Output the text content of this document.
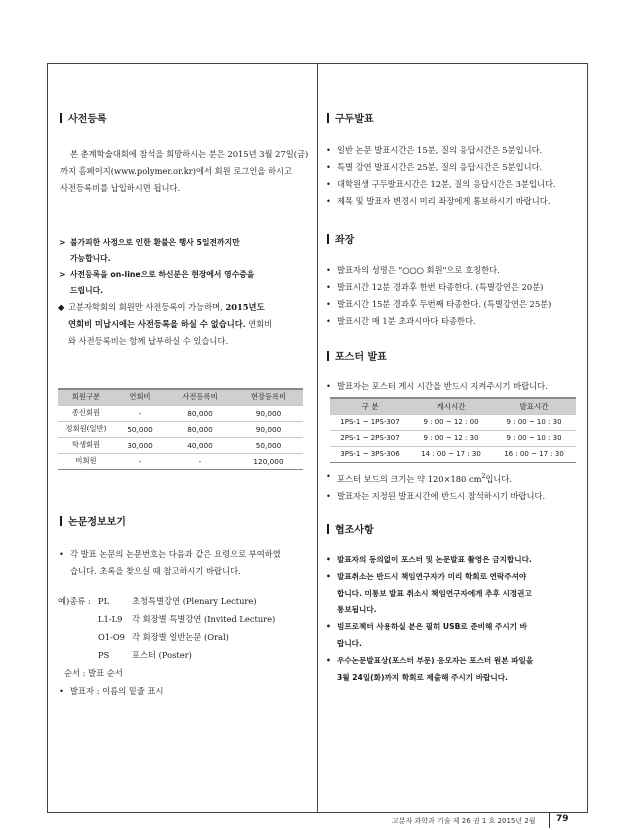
사전등록
본 춘계학술대회에 참석을 희망하시는 분은 2015년 3월 27일(금)
까지 홈페이지(www.polymer.or.kr)에서 회원 로그인을 하시고
사전등록비를 납입하시면 됩니다.
> 불가피한 사정으로 인한 환불은 행사 5일전까지만
가능합니다.
> 사전등록을 on-line으로 하신분은 현장에서 영수증을
드립니다.
◆ 고분자학회의 회원만 사전등록이 가능하며, 2015년도
연회비 미납시에는 사전등록을 하실 수 없습니다. 연회비
와 사전등록비는 함께 납부하실 수 있습니다.
회원구분	연회비	사전등록비	현장등록비
종신회원	-	80,000	90,000
정회원(일반)	50,000	80,000	90,000
학생회원	30,000	40,000	50,000
비회원	-	-	120,000
논문정보보기
• 각 발표 논문의 논문번호는 다음과 같은 요령으로 부여하였
습니다. 초록을 찾으실 때 참고하시기 바랍니다.
예)종류 : PL	초청특별강연 (Plenary Lecture)
L1-L9	각 회장별 특별강연 (Invited Lecture)
O1-O9 각 회장별 일반논문 (Oral)
PS	포스터 (Poster)
순서 : 발표 순서
• 발표자 : 이름의 밑줄 표시
구두발표
• 일반 논문 발표시간은 15분, 질의 응답시간은 5분입니다.
• 특별 강연 발표시간은 25분, 질의 응답시간은 5분입니다.
• 대학원생 구두발표시간은 12분, 질의 응답시간은 3분입니다.
• 제목 및 발표자 변경시 미리 좌장에게 통보하시기 바랍니다.
좌장
• 발표자의 성명은 "○○○ 회원"으로 호칭한다.
• 발표시간 12분 경과후 한번 타종한다. (특별강연은 20분)
• 발표시간 15분 경과후 두번째 타종한다. (특별강연은 25분)
• 발표시간 매 1분 초과시마다 타종한다.
포스터 발표
• 발표자는 포스터 게시 시간을 반드시 지켜주시기 바랍니다.
구 분	게시시간	발표시간
1PS-1 ~ 1PS-307	9 : 00 ~ 12 : 00	9 : 00 ~ 10 : 30
2PS-1 ~ 2PS-307	9 : 00 ~ 12 : 30	9 : 00 ~ 10 : 30
3PS-1 ~ 3PS-306	14 : 00 ~ 17 : 30	16 : 00 ~ 17 : 30
• 포스터 보드의 크기는 약 120×180 $cm^2$입니다.
• 발표자는 지정된 발표시간에 반드시 참석하시기 바랍니다.
협조사항
• 발표자의 동의없이 포스터 및 논문발표 촬영은 금지합니다.
• 발표취소는 반드시 책임연구자가 미리 학회로 연락주셔야
합니다. 미통보 발표 취소시 책임연구자에게 추후 시정권고
통보됩니다.
• 빔프로젝터 사용하실 분은 필히 USB로 준비해 주시기 바
랍니다.
• 우수논문발표상(포스터 부문) 응모자는 포스터 원본 파일을
3월 24일(화)까지 학회로 제출해 주시기 바랍니다.
고분자 과학과 기술 제 26 권 1 호 2015년 2월 79
